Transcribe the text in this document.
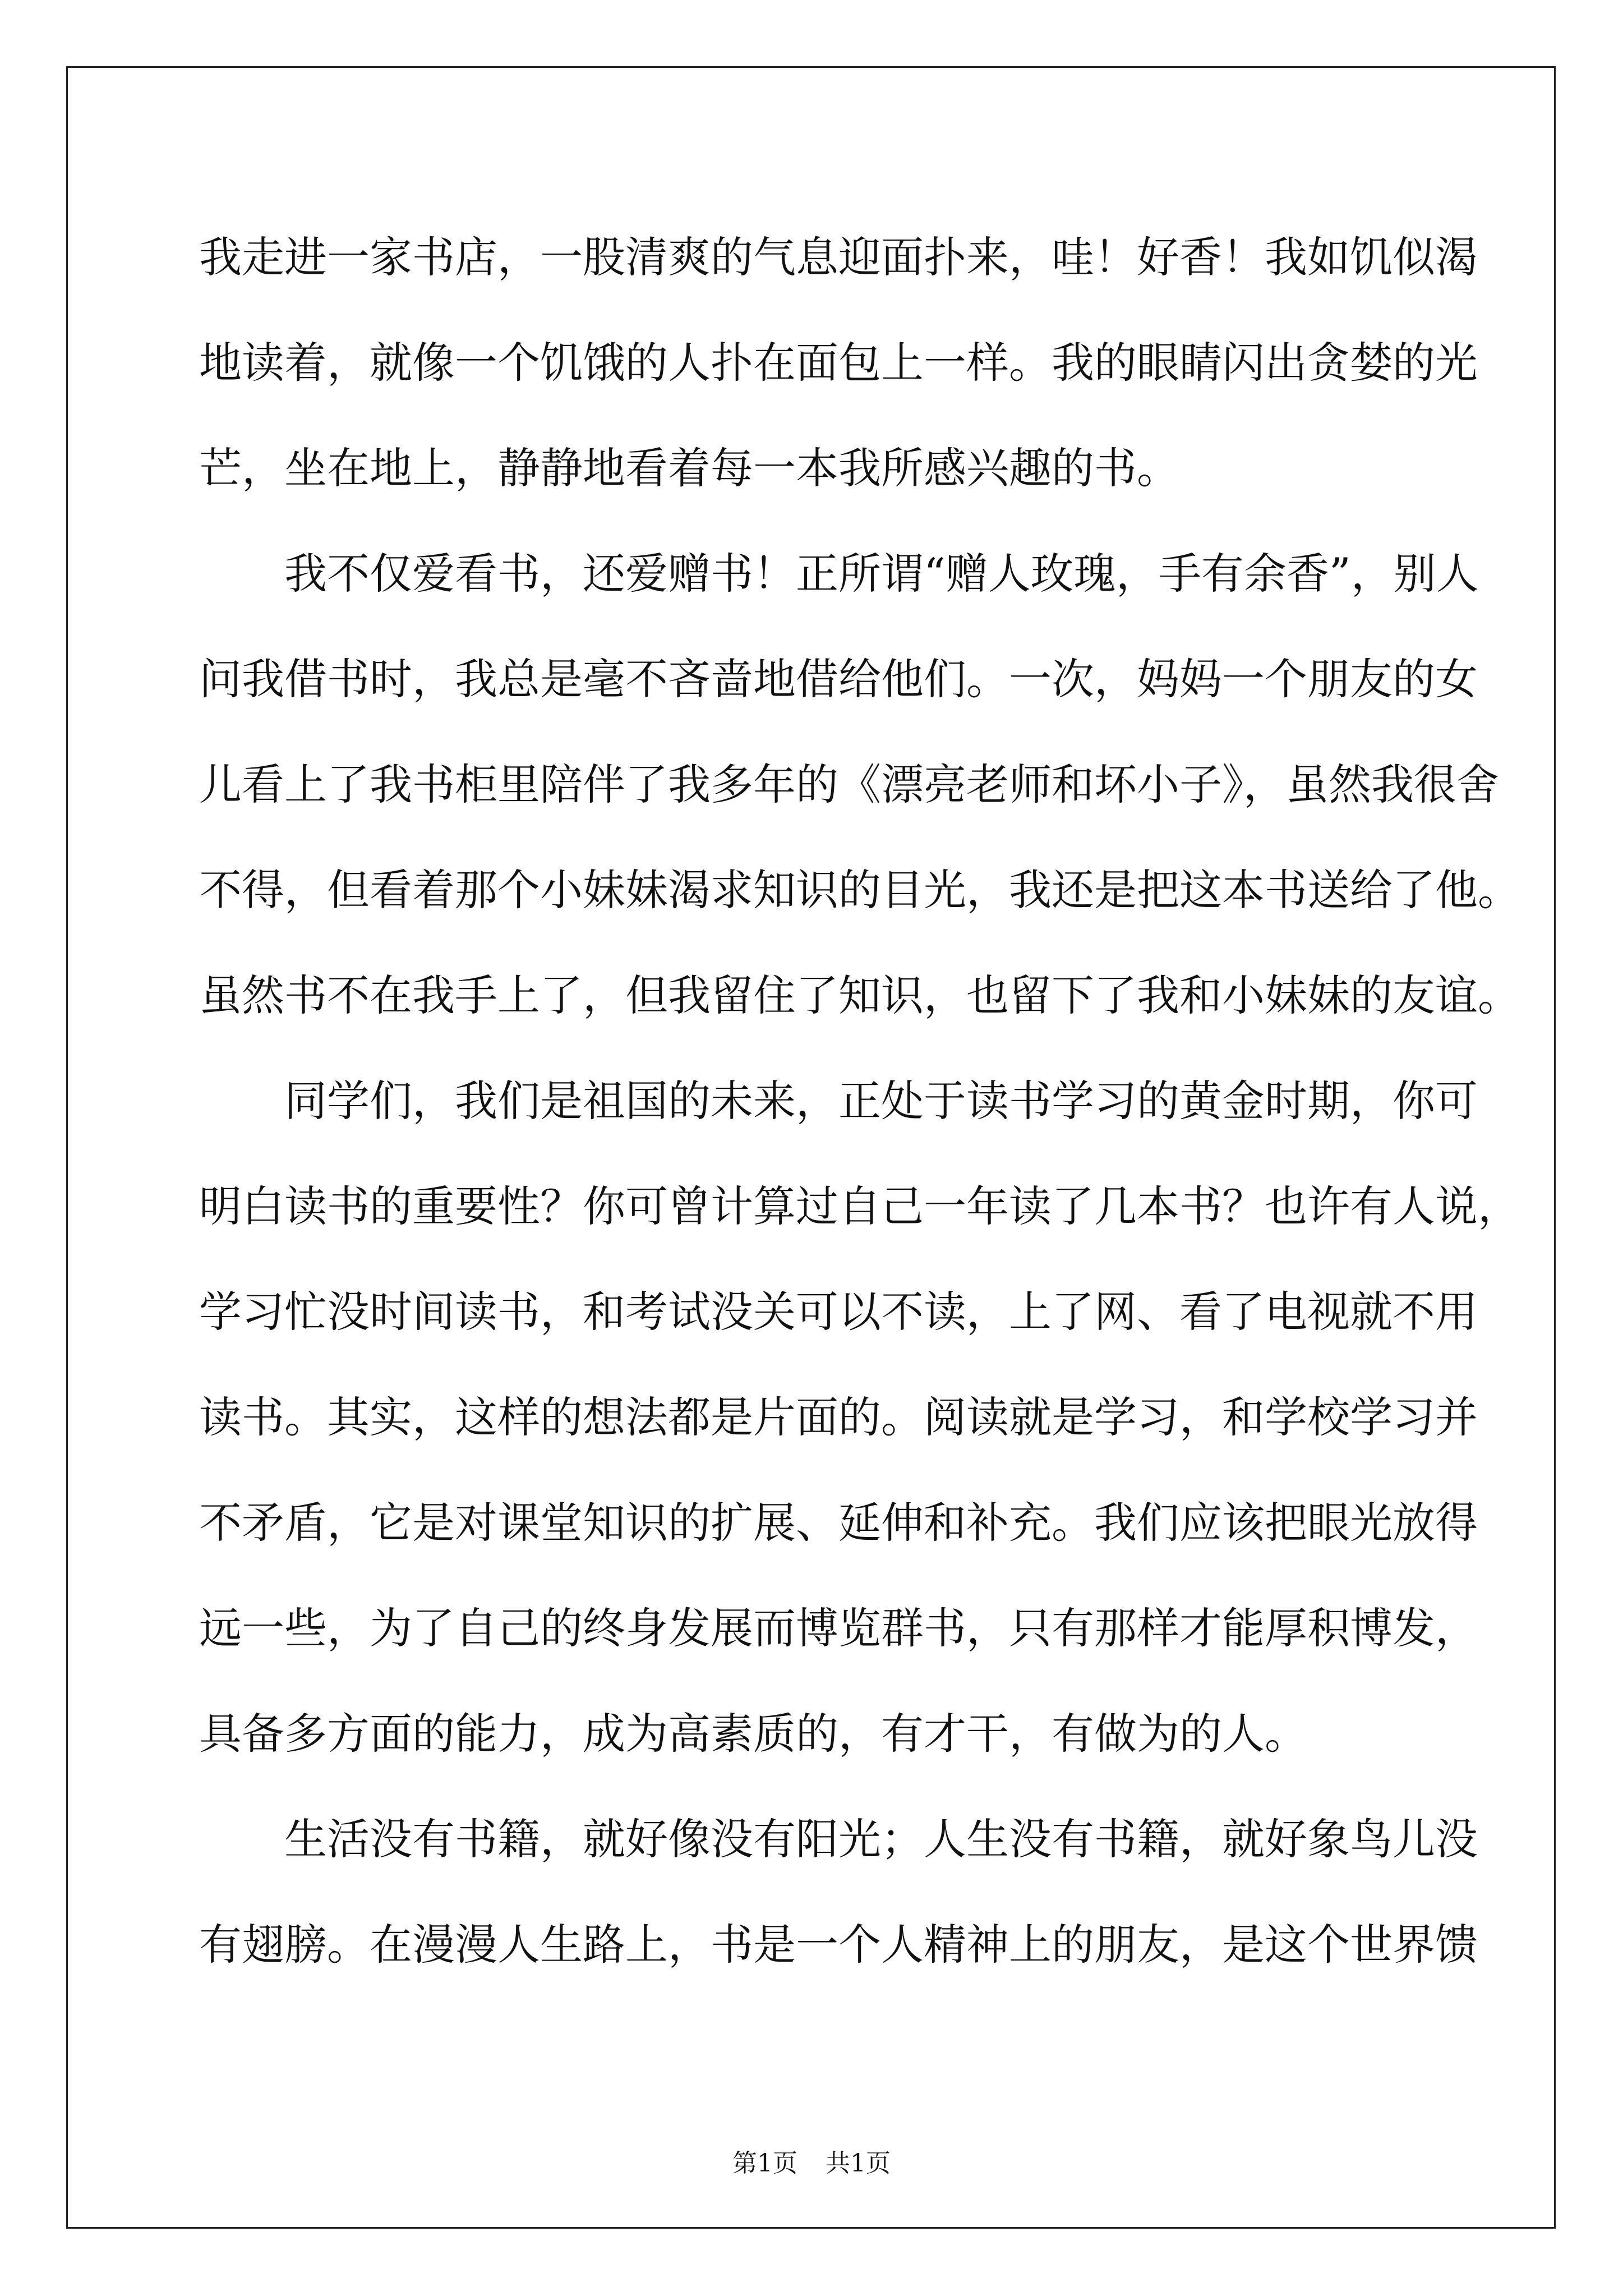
我走进一家书店，一股清爽的气息迎面扑来，哇！好香！我如饥似渴
地读着，就像一个饥饿的人扑在面包上一样。我的眼睛闪出贪婪的光
芒，坐在地上，静静地看着每一本我所感兴趣的书。

我不仅爱看书，还爱赠书！正所谓“赠人玫瑰，手有余香”，别人

问我借书时，我总是毫不吝啬地借给他们。一次，妈妈一个朋友的女
儿看上了我书柜里陪伴了我多年的《漂亮老师和坏小子》，虽然我很舍
不得，但看着那个小妹妹渴求知识的目光，我还是把这本书送给了他。
虽然书不在我手上了，但我留住了知识，也留下了我和小妹妹的友谊。

同学们，我们是祖国的未来，正处于读书学习的黄金时期，你可

明白读书的重要性？你可曾计算过自己一年读了几本书？也许有人说，
学习忙没时间读书，和考试没关可以不读，上了网、看了电视就不用
读书。其实，这样的想法都是片面的。阅读就是学习，和学校学习并
不矛盾，它是对课堂知识的扩展、延伸和补充。我们应该把眼光放得
远一些，为了自己的终身发展而博览群书，只有那样才能厚积博发，
具备多方面的能力，成为高素质的，有才干，有做为的人。

生活没有书籍，就好像没有阳光；人生没有书籍，就好象鸟儿没

有翅膀。在漫漫人生路上，书是一个人精神上的朋友，是这个世界馈

第1页 共1页
